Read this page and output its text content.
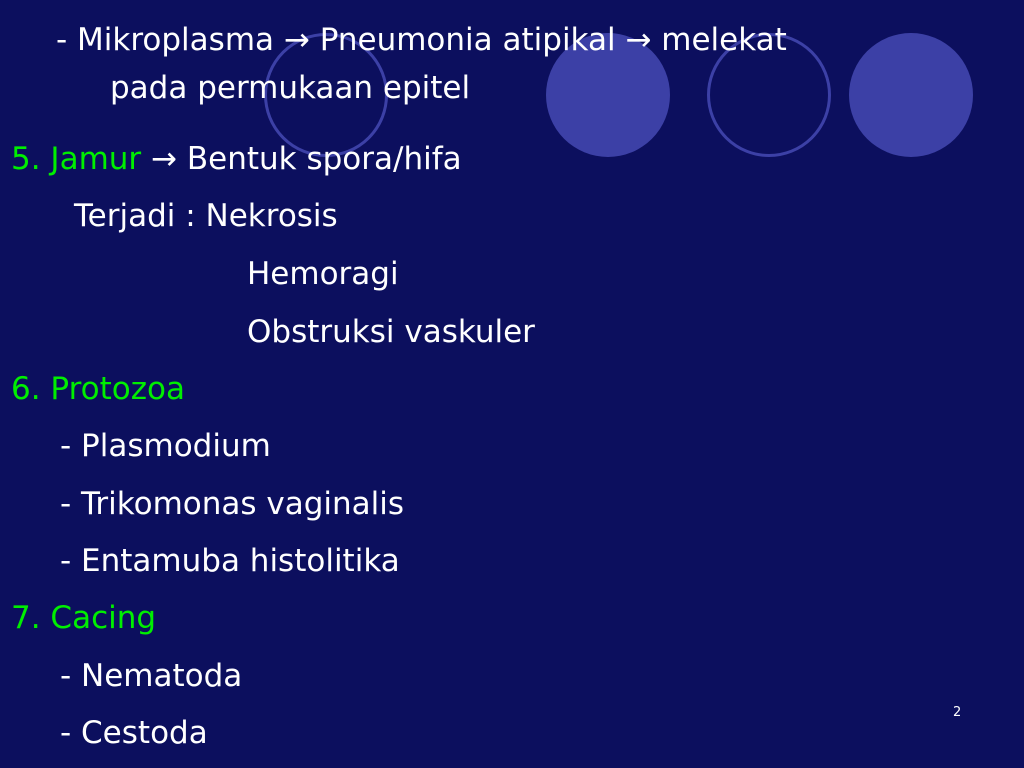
- Mikroplasma → Pneumonia atipikal → melekat
pada permukaan epitel
5. Jamur → Bentuk spora/hifa
Terjadi : Nekrosis
Hemoragi
Obstruksi vaskuler
6. Protozoa
- Plasmodium
- Trikomonas vaginalis
- Entamuba histolitika
7. Cacing
- Nematoda
- Cestoda
2
